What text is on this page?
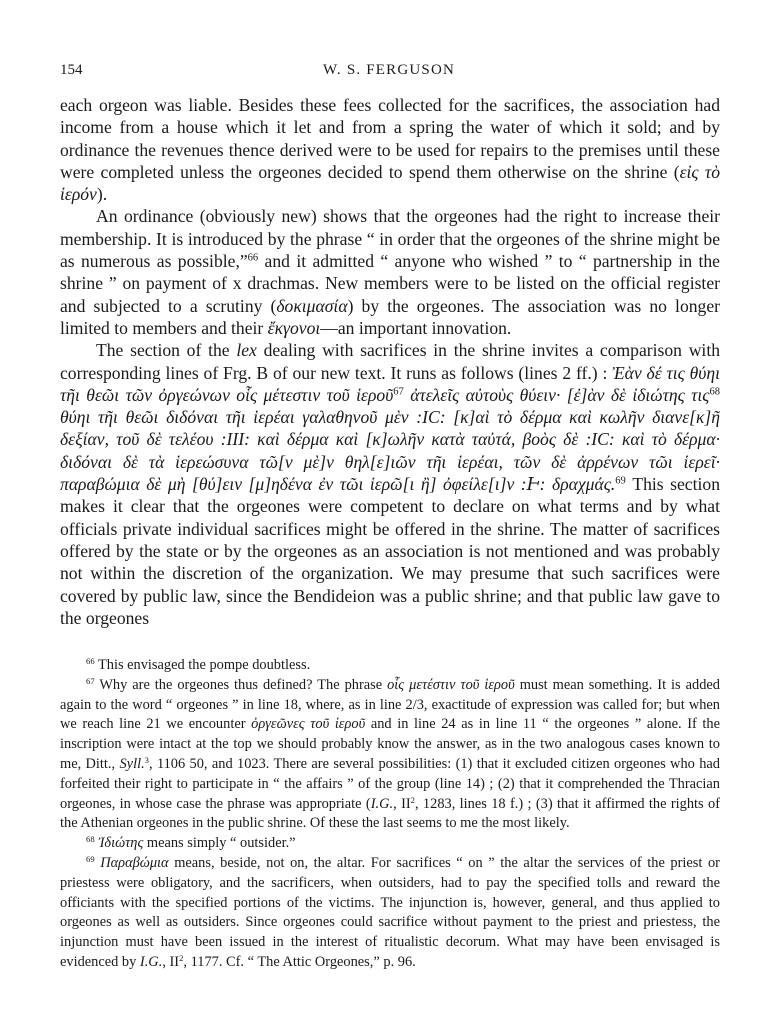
154	W. S. FERGUSON

each orgeon was liable. Besides these fees collected for the sacrifices, the association had income from a house which it let and from a spring the water of which it sold; and by ordinance the revenues thence derived were to be used for repairs to the premises until these were completed unless the orgeones decided to spend them otherwise on the shrine (εἰς τὸ ἱερόν).

An ordinance (obviously new) shows that the orgeones had the right to increase their membership. It is introduced by the phrase “ in order that the orgeones of the shrine might be as numerous as possible,”$^{66}$ and it admitted “ anyone who wished ” to “ partnership in the shrine ” on payment of x drachmas. New members were to be listed on the official register and subjected to a scrutiny (δοκιμασία) by the orgeones. The association was no longer limited to members and their ἔκγονοι—an important innovation.

The section of the lex dealing with sacrifices in the shrine invites a comparison with corresponding lines of Frg. B of our new text. It runs as follows (lines 2 ff.) : Ἐὰν δέ τις θύηι τῆι θεῶι τῶν ὀργεώνων οἷς μέτεστιν τοῦ ἱεροῦ$^{67}$ ἀτελεῖς αὐτοὺς θύειν· [ἐ]ὰν δὲ ἰδιώτης τις$^{68}$ θύηι τῆι θεῶι διδόναι τῆι ἱερέαι γαλαθηνοῦ μὲν :ΙC: [κ]αὶ τὸ δέρμα καὶ κωλῆν διανε[κ]ῆ δεξίαν, τοῦ δὲ τελέου :ΙΙΙ: καὶ δέρμα καὶ [κ]ωλῆν κατὰ ταὐτά, βοὸς δὲ :ΙC: καὶ τὸ δέρμα· διδόναι δὲ τὰ ἱερεώσυνα τῶ[ν μὲ]ν θηλ[ε]ιῶν τῆι ἱερέαι, τῶν δὲ ἀρρένων τῶι ἱερεῖ· παραβώμια δὲ μὴ [θύ]ειν [μ]ηδένα ἐν τῶι ἱερῶ[ι ἢ] ὀφείλε[ι]ν :Ͱ: δραχμάς.$^{69}$ This section makes it clear that the orgeones were competent to declare on what terms and by what officials private individual sacrifices might be offered in the shrine. The matter of sacrifices offered by the state or by the orgeones as an association is not mentioned and was probably not within the discretion of the organization. We may presume that such sacrifices were covered by public law, since the Bendideion was a public shrine; and that public law gave to the orgeones

$^{66}$ This envisaged the pompe doubtless.

$^{67}$ Why are the orgeones thus defined? The phrase οἷς μετέστιν τοῦ ἱεροῦ must mean something. It is added again to the word “ orgeones ” in line 18, where, as in line 2/3, exactitude of expression was called for; but when we reach line 21 we encounter ὀργεῶνες τοῦ ἱεροῦ and in line 24 as in line 11 “ the orgeones ” alone. If the inscription were intact at the top we should probably know the answer, as in the two analogous cases known to me, Ditt., Syll.$^3$, 1106 50, and 1023. There are several possibilities: (1) that it excluded citizen orgeones who had forfeited their right to participate in “ the affairs ” of the group (line 14) ; (2) that it comprehended the Thracian orgeones, in whose case the phrase was appropriate (I.G., $II^2$, 1283, lines 18 f.) ; (3) that it affirmed the rights of the Athenian orgeones in the public shrine. Of these the last seems to me the most likely.

$^{68}$ Ἰδιώτης means simply “ outsider.”

$^{69}$ Παραβώμια means, beside, not on, the altar. For sacrifices “ on ” the altar the services of the priest or priestess were obligatory, and the sacrificers, when outsiders, had to pay the specified tolls and reward the officiants with the specified portions of the victims. The injunction is, however, general, and thus applied to orgeones as well as outsiders. Since orgeones could sacrifice without payment to the priest and priestess, the injunction must have been issued in the interest of ritualistic decorum. What may have been envisaged is evidenced by I.G., $II^2$, 1177. Cf. “ The Attic Orgeones,” p. 96.
